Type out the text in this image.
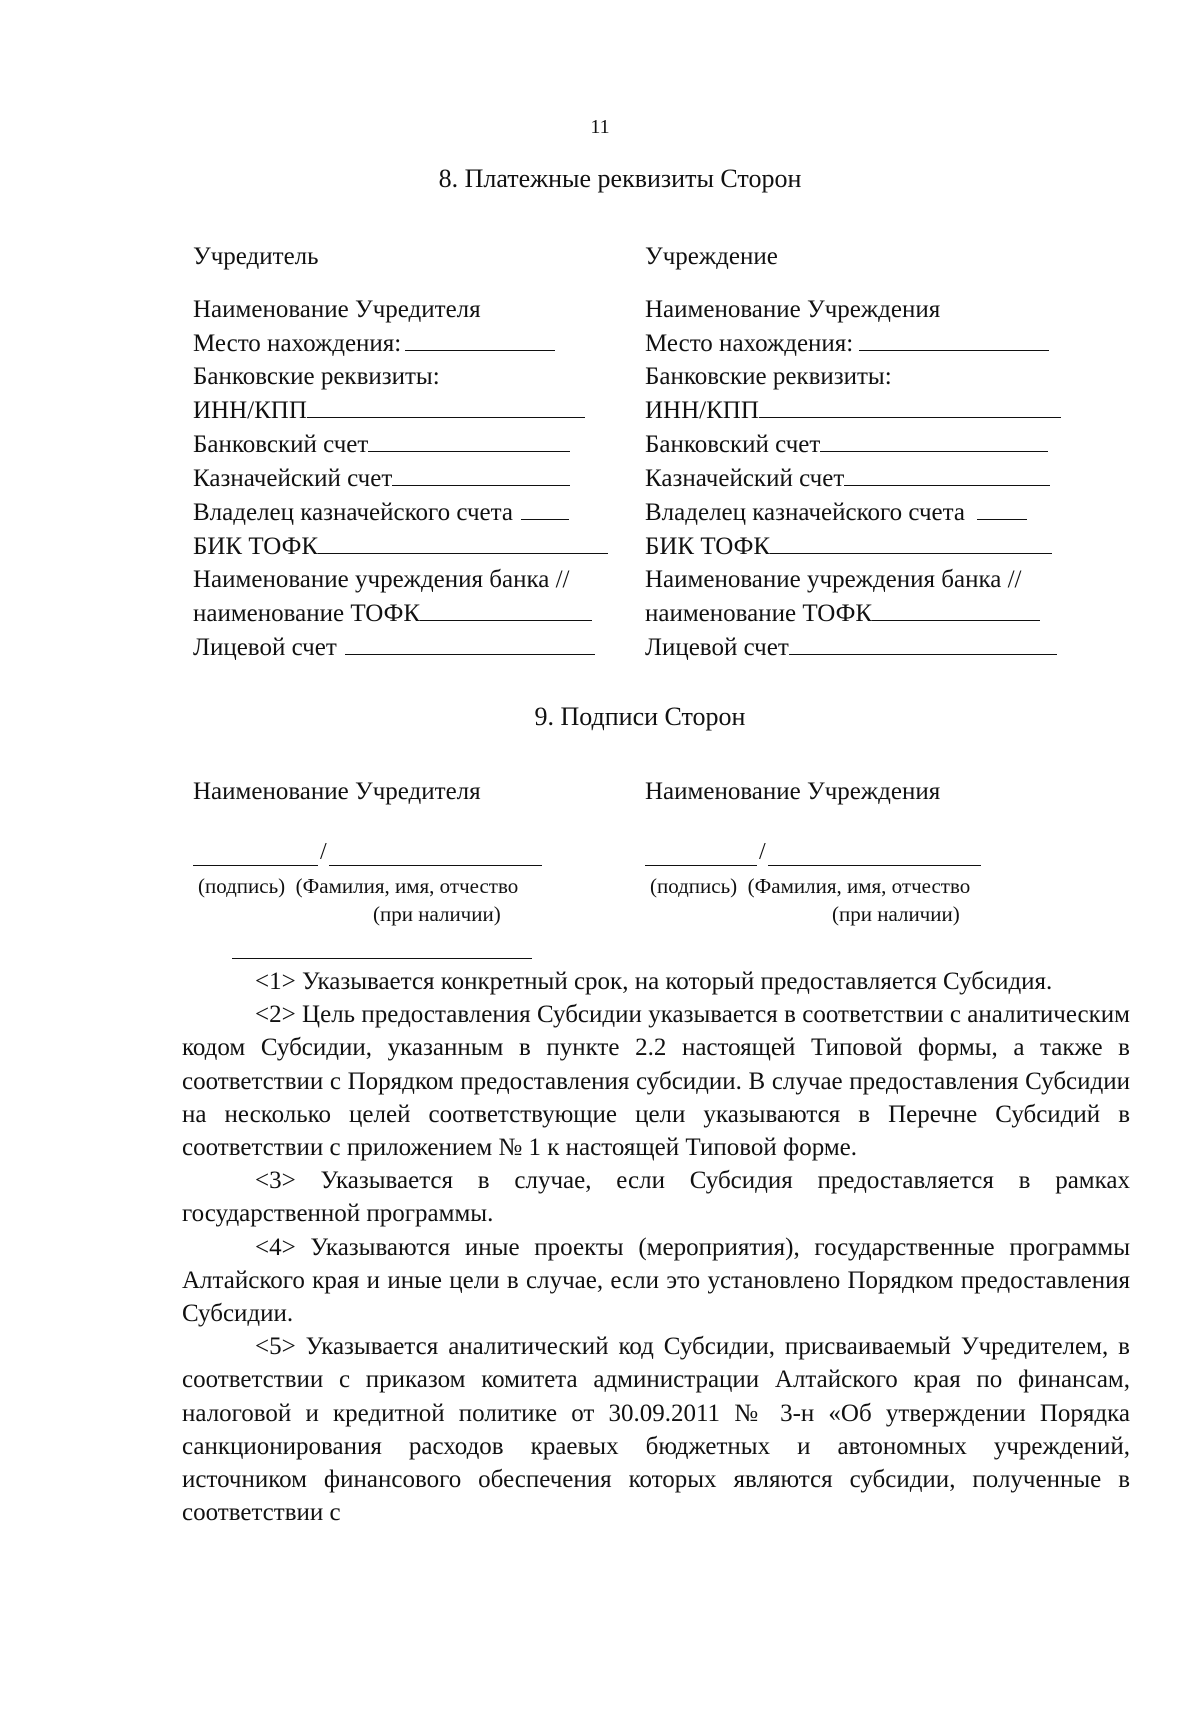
11
8. Платежные реквизиты Сторон
Учредитель
Наименование Учредителя
Место нахождения:
Банковские реквизиты:
ИНН/КПП
Банковский счет
Казначейский счет
Владелец казначейского счета
БИК ТОФК
Наименование учреждения банка //
наименование ТОФК
Лицевой счет
Учреждение
Наименование Учреждения
Место нахождения:
Банковские реквизиты:
ИНН/КПП
Банковский счет
Казначейский счет
Владелец казначейского счета
БИК ТОФК
Наименование учреждения банка //
наименование ТОФК
Лицевой счет
9. Подписи Сторон
Наименование Учредителя
/
(подпись)  (Фамилия, имя, отчество
(при наличии)
Наименование Учреждения
/
(подпись)  (Фамилия, имя, отчество
(при наличии)

<1> Указывается конкретный срок, на который предоставляется Субсидия.

<2> Цель предоставления Субсидии указывается в соответствии с аналитическим кодом Субсидии, указанным в пункте 2.2 настоящей Типовой формы, а также в соответствии с Порядком предоставления субсидии. В случае предоставления Субсидии на несколько целей соответствующие цели указываются в Перечне Субсидий в соответствии с приложением № 1 к настоящей Типовой форме.

<3> Указывается в случае, если Субсидия предоставляется в рамках государственной программы.

<4> Указываются иные проекты (мероприятия), государственные программы Алтайского края и иные цели в случае, если это установлено Порядком предоставления Субсидии.

<5> Указывается аналитический код Субсидии, присваиваемый Учредителем, в соответствии с приказом комитета администрации Алтайского края по финансам, налоговой и кредитной политике от 30.09.2011 № 3-н «Об утверждении Порядка санкционирования расходов краевых бюджетных и автономных учреждений, источником финансового обеспечения которых являются субсидии, полученные в соответствии с
